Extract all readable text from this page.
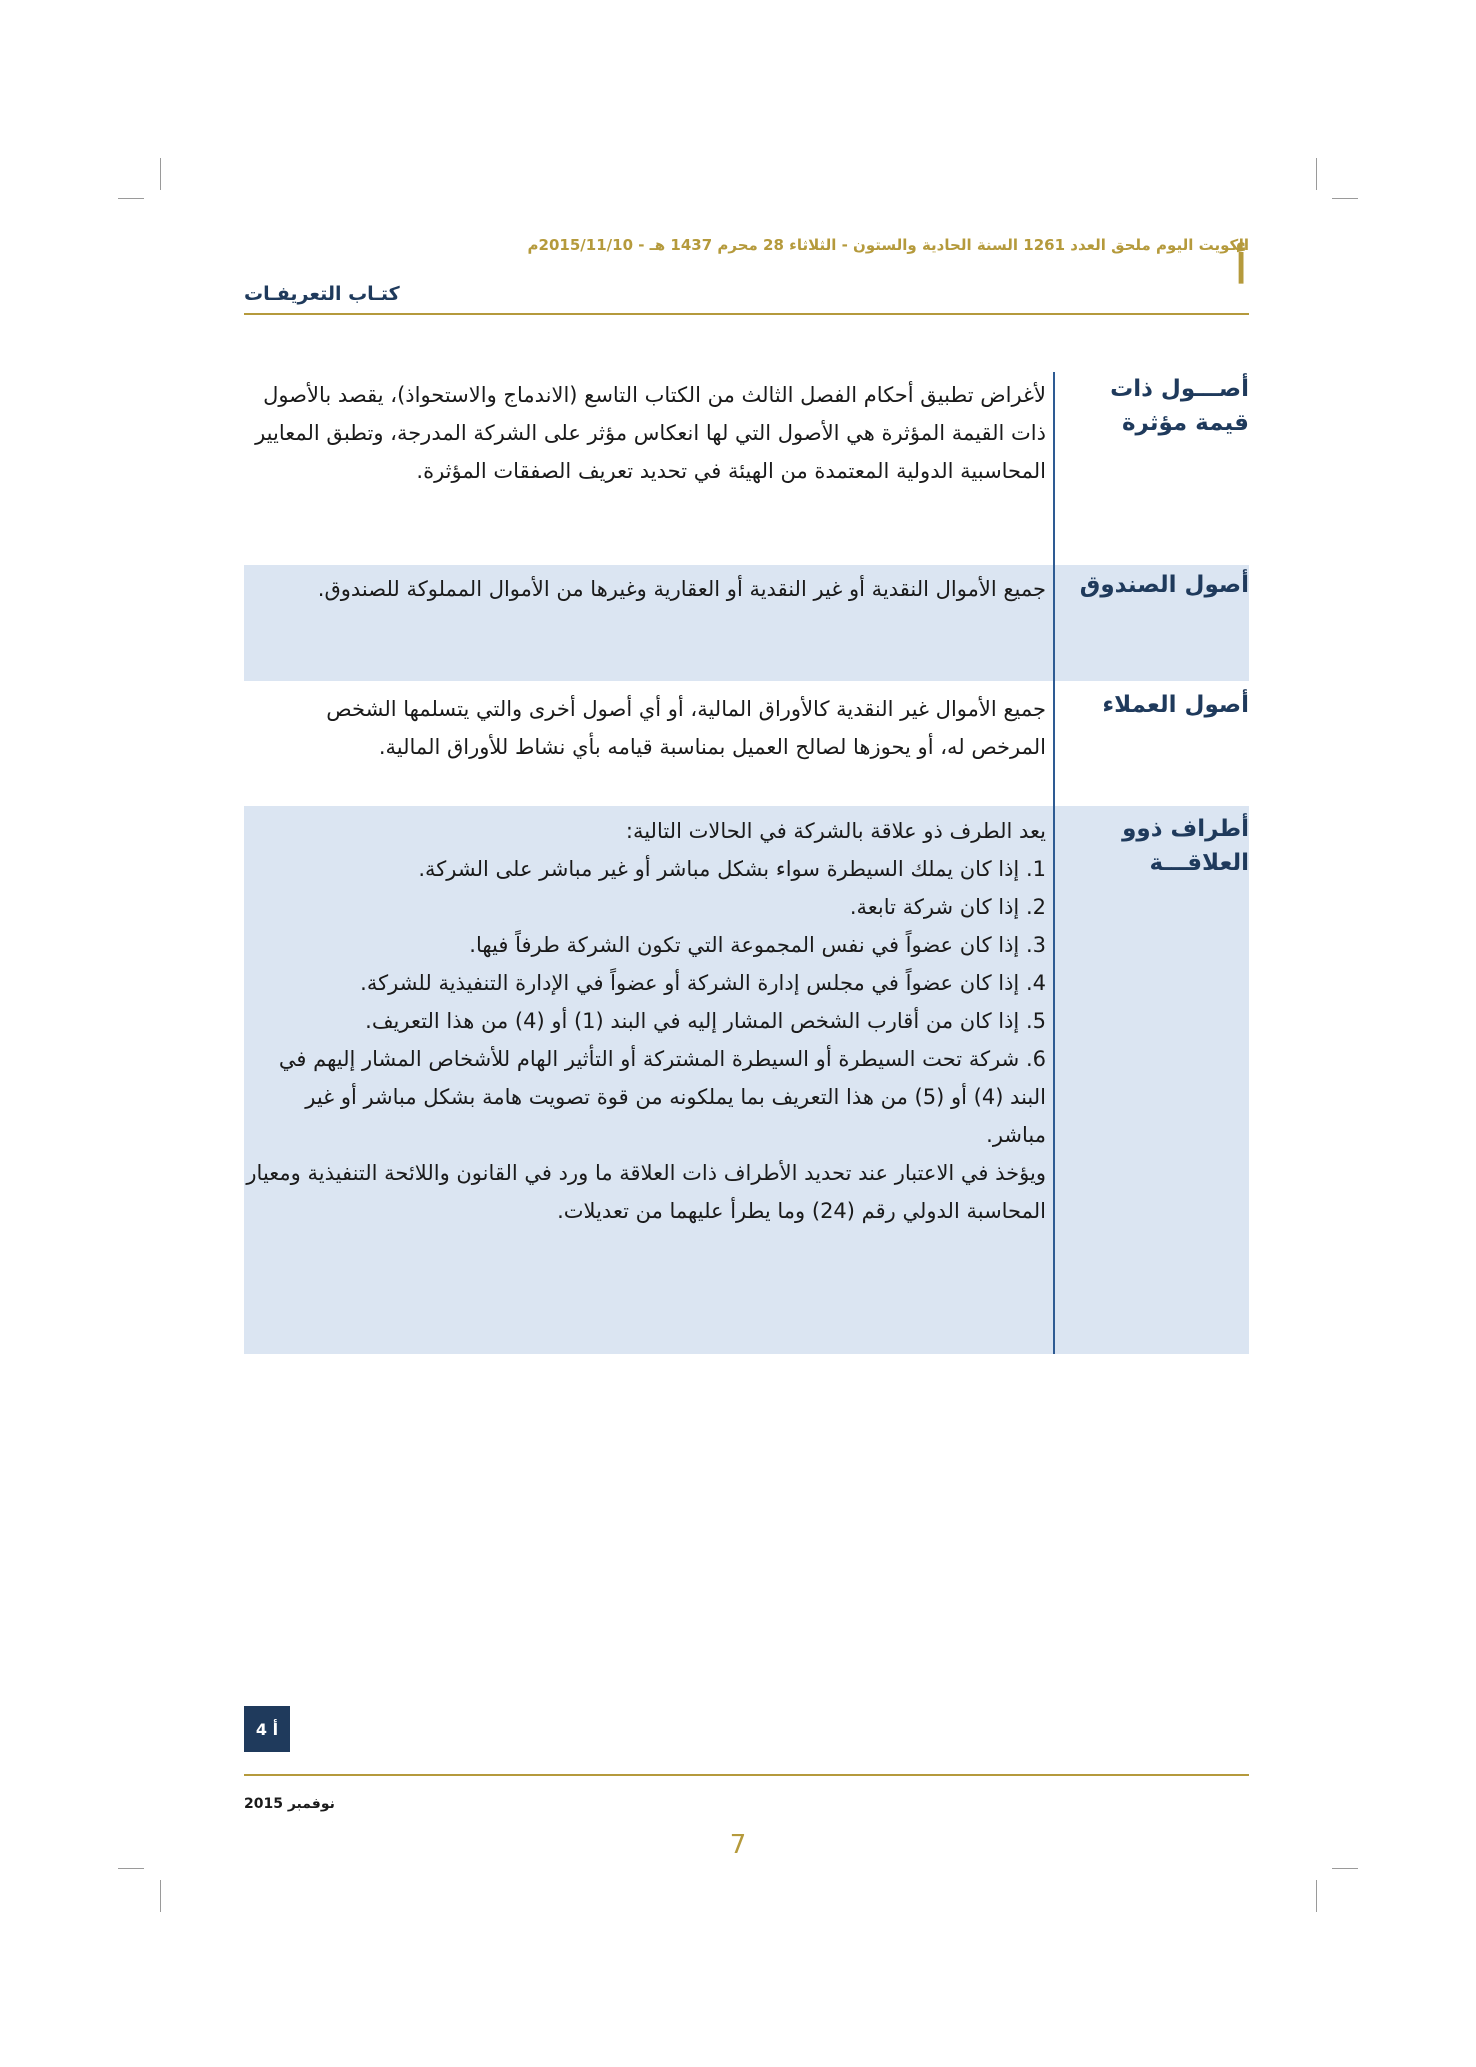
الكويت اليوم ملحق العدد 1261 السنة الحادية والستون - الثلاثاء 28 محرم 1437 هـ - 2015/11/10م
أ
كتـاب التعريفـات
أصـــول ذات قيمة مؤثرة

لأغراض تطبيق أحكام الفصل الثالث من الكتاب التاسع (الاندماج والاستحواذ)، يقصد بالأصول ذات القيمة المؤثرة هي الأصول التي لها انعكاس مؤثر على الشركة المدرجة، وتطبق المعايير المحاسبية الدولية المعتمدة من الهيئة في تحديد تعريف الصفقات المؤثرة.

أصول الصندوق

جميع الأموال النقدية أو غير النقدية أو العقارية وغيرها من الأموال المملوكة للصندوق.

أصول العملاء

جميع الأموال غير النقدية كالأوراق المالية، أو أي أصول أخرى والتي يتسلمها الشخص المرخص له، أو يحوزها لصالح العميل بمناسبة قيامه بأي نشاط للأوراق المالية.

أطراف ذوو العلاقـــة

يعد الطرف ذو علاقة بالشركة في الحالات التالية:

1. إذا كان يملك السيطرة سواء بشكل مباشر أو غير مباشر على الشركة.

2. إذا كان شركة تابعة.

3. إذا كان عضواً في نفس المجموعة التي تكون الشركة طرفاً فيها.

4. إذا كان عضواً في مجلس إدارة الشركة أو عضواً في الإدارة التنفيذية للشركة.

5. إذا كان من أقارب الشخص المشار إليه في البند (1) أو (4) من هذا التعريف.

6. شركة تحت السيطرة أو السيطرة المشتركة أو التأثير الهام للأشخاص المشار إليهم في البند (4) أو (5) من هذا التعريف بما يملكونه من قوة تصويت هامة بشكل مباشر أو غير مباشر.

ويؤخذ في الاعتبار عند تحديد الأطراف ذات العلاقة ما ورد في القانون واللائحة التنفيذية ومعيار المحاسبة الدولي رقم (24) وما يطرأ عليهما من تعديلات.

أ 4
نوفمبر 2015
7
